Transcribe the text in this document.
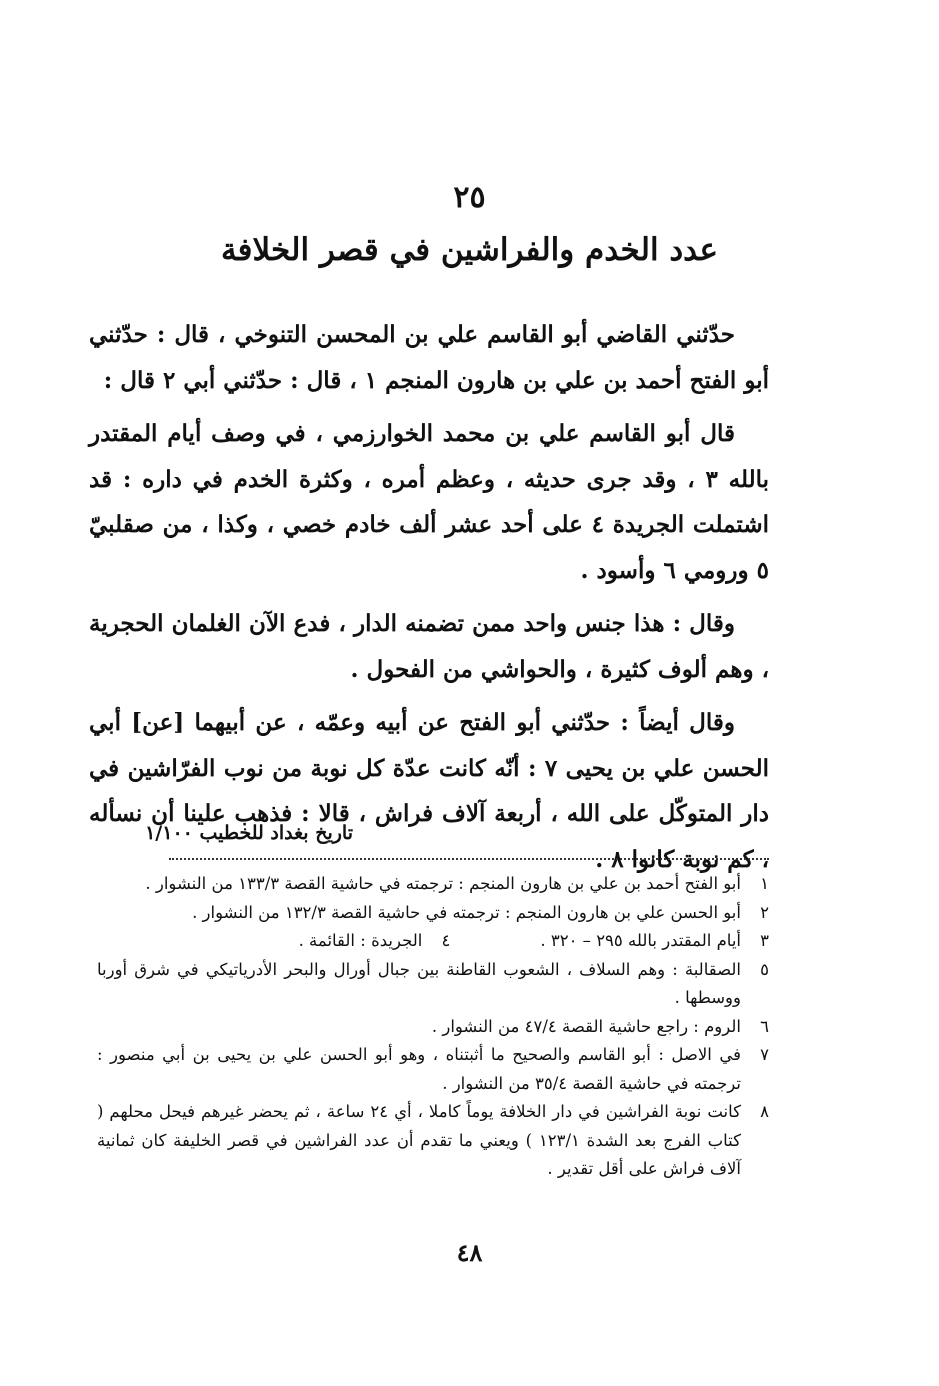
٢٥
عدد الخدم والفراشين في قصر الخلافة

حدّثني القاضي أبو القاسم علي بن المحسن التنوخي ، قال : حدّثني أبو الفتح أحمد بن علي بن هارون المنجم ١ ، قال : حدّثني أبي ٢ قال :

قال أبو القاسم علي بن محمد الخوارزمي ، في وصف أيام المقتدر بالله ٣ ، وقد جرى حديثه ، وعظم أمره ، وكثرة الخدم في داره : قد اشتملت الجريدة ٤ على أحد عشر ألف خادم خصي ، وكذا ، من صقلبيّ ٥ ورومي ٦ وأسود .

وقال : هذا جنس واحد ممن تضمنه الدار ، فدع الآن الغلمان الحجرية ، وهم ألوف كثيرة ، والحواشي من الفحول .

وقال أيضاً : حدّثني أبو الفتح عن أبيه وعمّه ، عن أبيهما [عن] أبي الحسن علي بن يحيى ٧ : أنّه كانت عدّة كل نوبة من نوب الفرّاشين في دار المتوكّل على الله ، أربعة آلاف فراش ، قالا : فذهب علينا أن نسأله ، كم نوبة كانوا ٨ .

تاريخ بغداد للخطيب ١/١٠٠
١
أبو الفتح أحمد بن علي بن هارون المنجم : ترجمته في حاشية القصة ١٣٣/٣ من النشوار .
٢
أبو الحسن علي بن هارون المنجم : ترجمته في حاشية القصة ١٣٢/٣ من النشوار .
٣
أيام المقتدر بالله ٢٩٥ – ٣٢٠ .
٤
الجريدة : القائمة .
٥
الصقالبة : وهم السلاف ، الشعوب القاطنة بين جبال أورال والبحر الأدرياتيكي في شرق أوربا ووسطها .
٦
الروم : راجع حاشية القصة ٤٧/٤ من النشوار .
٧
في الاصل : أبو القاسم والصحيح ما أثبتناه ، وهو أبو الحسن علي بن يحيى بن أبي منصور : ترجمته في حاشية القصة ٣٥/٤ من النشوار .
٨
كانت نوبة الفراشين في دار الخلافة يوماً كاملا ، أي ٢٤ ساعة ، ثم يحضر غيرهم فيحل محلهم ( كتاب الفرج بعد الشدة ١٢٣/١ ) ويعني ما تقدم أن عدد الفراشين في قصر الخليفة كان ثمانية آلاف فراش على أقل تقدير .
٤٨
